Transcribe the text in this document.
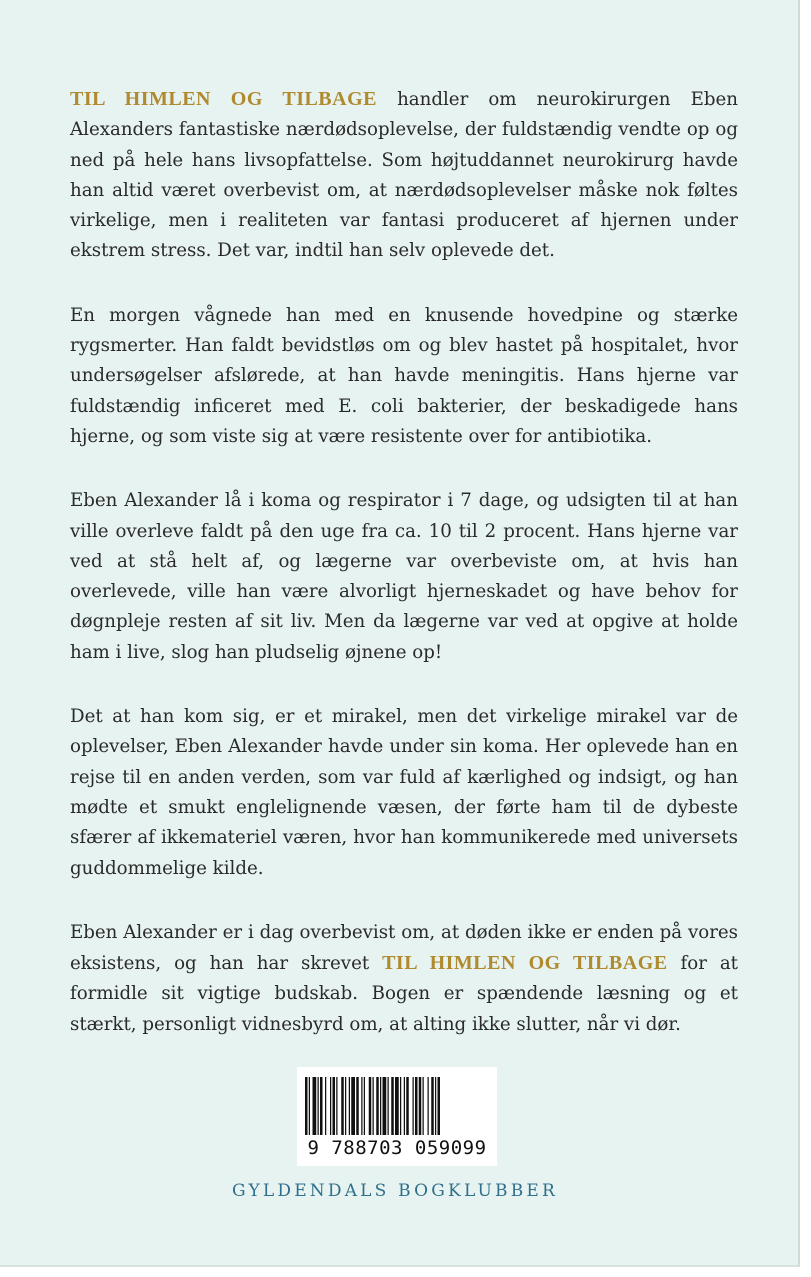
TIL HIMLEN OG TILBAGE handler om neurokirurgen Eben Alexanders fantastiske nærdødsoplevelse, der fuldstændig vendte op og ned på hele hans livsopfattelse. Som højtuddannet neurokirurg havde han altid været overbevist om, at nærdødsoplevelser måske nok føltes virkelige, men i realiteten var fantasi produceret af hjernen under ekstrem stress. Det var, indtil han selv oplevede det.

En morgen vågnede han med en knusende hovedpine og stærke rygsmerter. Han faldt bevidstløs om og blev hastet på hospitalet, hvor undersøgelser afslørede, at han havde meningitis. Hans hjerne var fuldstændig inficeret med E. coli bakterier, der beskadigede hans hjerne, og som viste sig at være resistente over for antibiotika.

Eben Alexander lå i koma og respirator i 7 dage, og udsigten til at han ville overleve faldt på den uge fra ca. 10 til 2 procent. Hans hjerne var ved at stå helt af, og lægerne var overbeviste om, at hvis han overlevede, ville han være alvorligt hjerneskadet og have behov for døgnpleje resten af sit liv. Men da lægerne var ved at opgive at holde ham i live, slog han pludselig øjnene op!

Det at han kom sig, er et mirakel, men det virkelige mirakel var de oplevelser, Eben Alexander havde under sin koma. Her oplevede han en rejse til en anden verden, som var fuld af kærlighed og indsigt, og han mødte et smukt englelignende væsen, der førte ham til de dybeste sfærer af ikkemateriel væren, hvor han kommunikerede med universets guddommelige kilde.

Eben Alexander er i dag overbevist om, at døden ikke er enden på vores eksistens, og han har skrevet TIL HIMLEN OG TILBAGE for at formidle sit vigtige budskab. Bogen er spændende læsning og et stærkt, personligt vidnesbyrd om, at alting ikke slutter, når vi dør.

9 788703 059099
GYLDENDALS BOGKLUBBER
